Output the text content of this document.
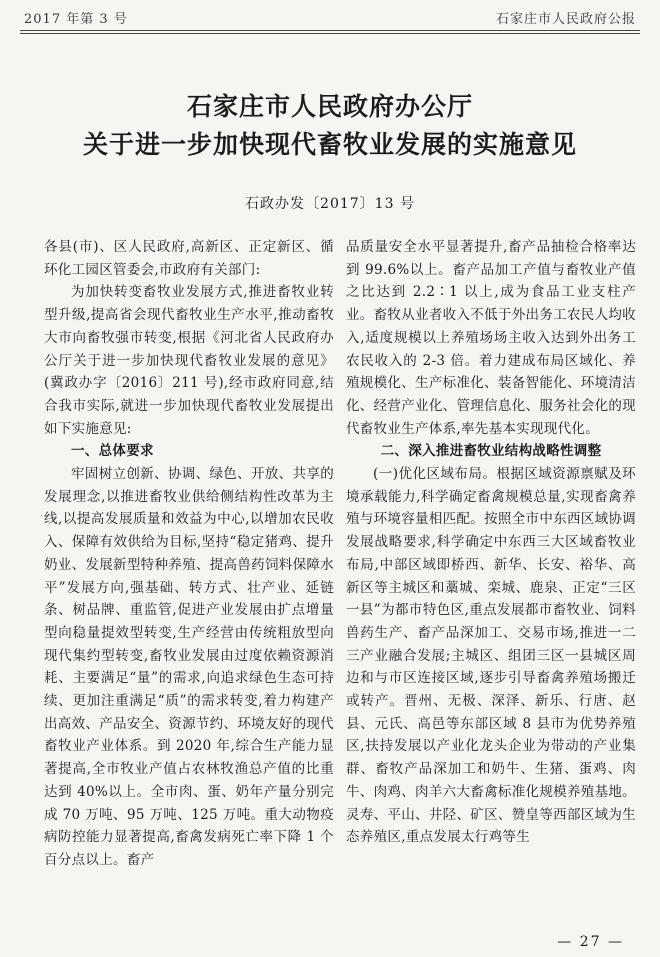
2017 年第 3 号	石家庄市人民政府公报
石家庄市人民政府办公厅
关于进一步加快现代畜牧业发展的实施意见
石政办发〔2017〕13 号

各县(市)、区人民政府,高新区、正定新区、循环化工园区管委会,市政府有关部门:

为加快转变畜牧业发展方式,推进畜牧业转型升级,提高省会现代畜牧业生产水平,推动畜牧大市向畜牧强市转变,根据《河北省人民政府办公厅关于进一步加快现代畜牧业发展的意见》(冀政办字〔2016〕211 号),经市政府同意,结合我市实际,就进一步加快现代畜牧业发展提出如下实施意见:

一、总体要求

牢固树立创新、协调、绿色、开放、共享的发展理念,以推进畜牧业供给侧结构性改革为主线,以提高发展质量和效益为中心,以增加农民收入、保障有效供给为目标,坚持“稳定猪鸡、提升奶业、发展新型特种养殖、提高兽药饲料保障水平”发展方向,强基础、转方式、壮产业、延链条、树品牌、重监管,促进产业发展由扩点增量型向稳量提效型转变,生产经营由传统粗放型向现代集约型转变,畜牧业发展由过度依赖资源消耗、主要满足“量”的需求,向追求绿色生态可持续、更加注重满足“质”的需求转变,着力构建产出高效、产品安全、资源节约、环境友好的现代畜牧业产业体系。到 2020 年,综合生产能力显著提高,全市牧业产值占农林牧渔总产值的比重达到 40%以上。全市肉、蛋、奶年产量分别完成 70 万吨、95 万吨、125 万吨。重大动物疫病防控能力显著提高,畜禽发病死亡率下降 1 个百分点以上。畜产

品质量安全水平显著提升,畜产品抽检合格率达到 99.6%以上。畜产品加工产值与畜牧业产值之比达到 2.2∶1 以上,成为食品工业支柱产业。畜牧从业者收入不低于外出务工农民人均收入,适度规模以上养殖场场主收入达到外出务工农民收入的 2-3 倍。着力建成布局区域化、养殖规模化、生产标准化、装备智能化、环境清洁化、经营产业化、管理信息化、服务社会化的现代畜牧业生产体系,率先基本实现现代化。

二、深入推进畜牧业结构战略性调整

(一)优化区域布局。根据区域资源禀赋及环境承载能力,科学确定畜禽规模总量,实现畜禽养殖与环境容量相匹配。按照全市中东西区域协调发展战略要求,科学确定中东西三大区域畜牧业布局,中部区域即桥西、新华、长安、裕华、高新区等主城区和藁城、栾城、鹿泉、正定“三区一县”为都市特色区,重点发展都市畜牧业、饲料兽药生产、畜产品深加工、交易市场,推进一二三产业融合发展;主城区、组团三区一县城区周边和与市区连接区域,逐步引导畜禽养殖场搬迁或转产。晋州、无极、深泽、新乐、行唐、赵县、元氏、高邑等东部区域 8 县市为优势养殖区,扶持发展以产业化龙头企业为带动的产业集群、畜牧产品深加工和奶牛、生猪、蛋鸡、肉牛、肉鸡、肉羊六大畜禽标准化规模养殖基地。灵寿、平山、井陉、矿区、赞皇等西部区域为生态养殖区,重点发展太行鸡等生

— 27 —
